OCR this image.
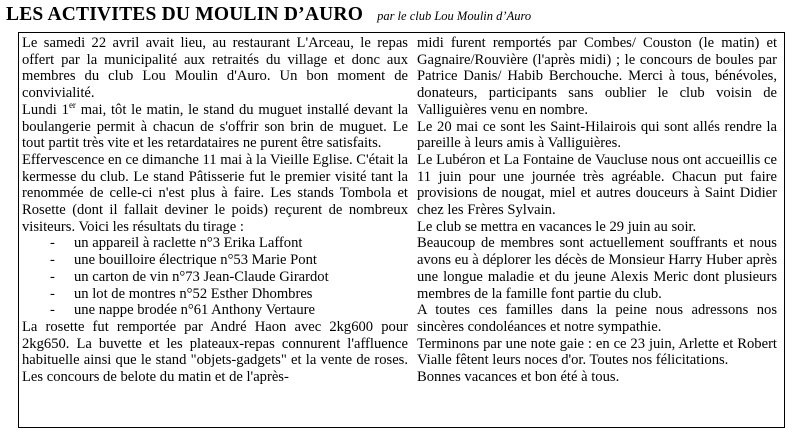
LES ACTIVITES DU MOULIN D’AURO par le club Lou Moulin d’Auro

Le samedi 22 avril avait lieu, au restaurant L'Arceau, le repas offert par la municipalité aux retraités du village et donc aux membres du club Lou Moulin d'Auro. Un bon moment de convivialité.

Lundi 1er mai, tôt le matin, le stand du muguet installé devant la boulangerie permit à chacun de s'offrir son brin de muguet. Le tout partit très vite et les retardataires ne purent être satisfaits.

Effervescence en ce dimanche 11 mai à la Vieille Eglise. C'était la kermesse du club. Le stand Pâtisserie fut le premier visité tant la renommée de celle-ci n'est plus à faire. Les stands Tombola et Rosette (dont il fallait deviner le poids) reçurent de nombreux visiteurs. Voici les résultats du tirage :

- un appareil à raclette n°3 Erika Laffont
- une bouilloire électrique n°53 Marie Pont
- un carton de vin n°73 Jean-Claude Girardot
- un lot de montres n°52 Esther Dhombres
- une nappe brodée n°61 Anthony Vertaure

La rosette fut remportée par André Haon avec 2kg600 pour 2kg650. La buvette et les plateaux-repas connurent l'affluence habituelle ainsi que le stand "objets-gadgets" et la vente de roses. Les concours de belote du matin et de l'après-

midi furent remportés par Combes/ Couston (le matin) et Gagnaire/Rouvière (l'après midi) ; le concours de boules par Patrice Danis/ Habib Berchouche. Merci à tous, bénévoles, donateurs, participants sans oublier le club voisin de Valliguières venu en nombre.

Le 20 mai ce sont les Saint-Hilairois qui sont allés rendre la pareille à leurs amis à Valliguières.

Le Lubéron et La Fontaine de Vaucluse nous ont accueillis ce 11 juin pour une journée très agréable. Chacun put faire provisions de nougat, miel et autres douceurs à Saint Didier chez les Frères Sylvain.

Le club se mettra en vacances le 29 juin au soir.

Beaucoup de membres sont actuellement souffrants et nous avons eu à déplorer les décès de Monsieur Harry Huber après une longue maladie et du jeune Alexis Meric dont plusieurs membres de la famille font partie du club.

A toutes ces familles dans la peine nous adressons nos sincères condoléances et notre sympathie.

Terminons par une note gaie : en ce 23 juin, Arlette et Robert Vialle fêtent leurs noces d'or. Toutes nos félicitations.

Bonnes vacances et bon été à tous.
